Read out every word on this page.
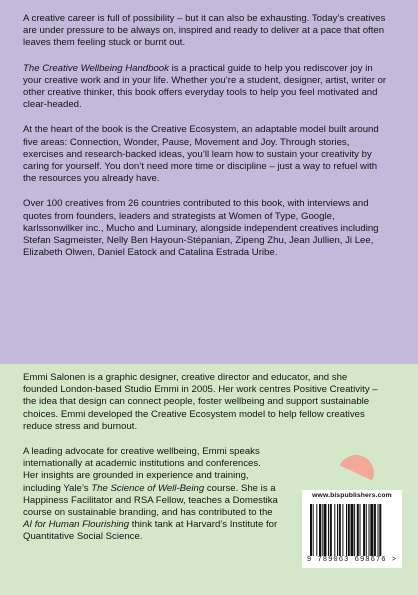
A creative career is full of possibility – but it can also be exhausting. Today’s creatives are under pressure to be always on, inspired and ready to deliver at a pace that often leaves them feeling stuck or burnt out.

The Creative Wellbeing Handbook is a practical guide to help you rediscover joy in your creative work and in your life. Whether you’re a student, designer, artist, writer or other creative thinker, this book offers everyday tools to help you feel motivated and clear-headed.

At the heart of the book is the Creative Ecosystem, an adaptable model built around five areas: Connection, Wonder, Pause, Movement and Joy. Through stories, exercises and research-backed ideas, you’ll learn how to sustain your creativity by caring for yourself. You don’t need more time or discipline – just a way to refuel with the resources you already have.

Over 100 creatives from 26 countries contributed to this book, with interviews and quotes from founders, leaders and strategists at Women of Type, Google, karlssonwilker inc., Mucho and Luminary, alongside independent creatives including Stefan Sagmeister, Nelly Ben Hayoun-Stépanian, Zipeng Zhu, Jean Jullien, Ji Lee, Elizabeth Olwen, Daniel Eatock and Catalina Estrada Uribe.

Emmi Salonen is a graphic designer, creative director and educator, and she founded London-based Studio Emmi in 2005. Her work centres Positive Creativity – the idea that design can connect people, foster wellbeing and support sustainable choices. Emmi developed the Creative Ecosystem model to help fellow creatives reduce stress and burnout.

A leading advocate for creative wellbeing, Emmi speaks internationally at academic institutions and conferences. Her insights are grounded in experience and training, including Yale’s The Science of Well-Being course. She is a Happiness Facilitator and RSA Fellow, teaches a Domestika course on sustainable branding, and has contributed to the AI for Human Flourishing think tank at Harvard’s Institute for Quantitative Social Science.

www.bispublishers.com
9 789063 698676 >
